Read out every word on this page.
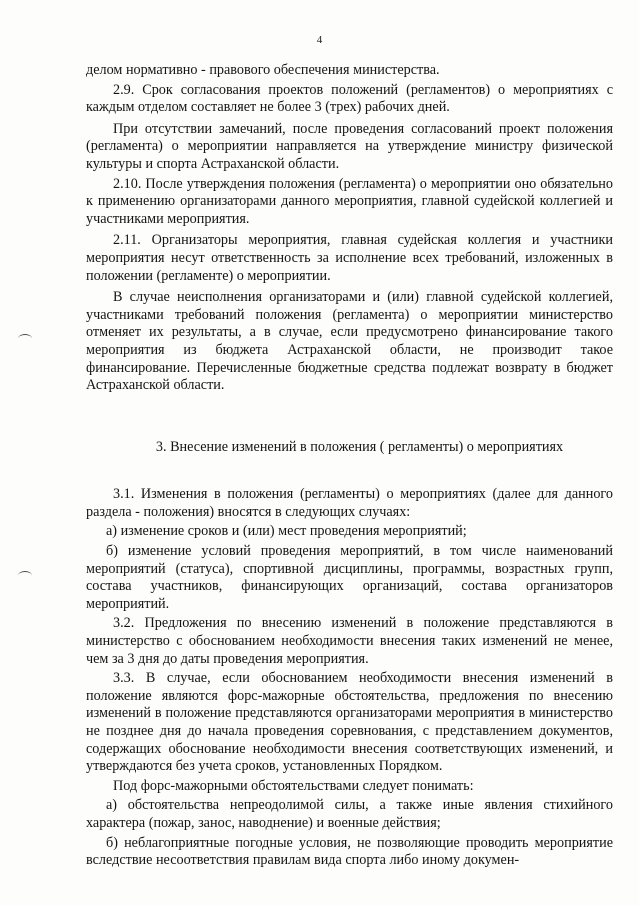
4

делом нормативно - правового обеспечения министерства.

2.9. Срок согласования проектов положений (регламентов) о мероприятиях с каждым отделом составляет не более 3 (трех) рабочих дней.

При отсутствии замечаний, после проведения согласований проект положения (регламента) о мероприятии направляется на утверждение министру физической культуры и спорта Астраханской области.

2.10. После утверждения положения (регламента) о мероприятии оно обязательно к применению организаторами данного мероприятия, главной судейской коллегией и участниками мероприятия.

2.11. Организаторы мероприятия, главная судейская коллегия и участники мероприятия несут ответственность за исполнение всех требований, изложенных в положении (регламенте) о мероприятии.

В случае неисполнения организаторами и (или) главной судейской коллегией, участниками требований положения (регламента) о мероприятии министерство отменяет их результаты, а в случае, если предусмотрено финансирование такого мероприятия из бюджета Астраханской области, не производит такое финансирование. Перечисленные бюджетные средства подлежат возврату в бюджет Астраханской области.

3. Внесение изменений в положения ( регламенты) о мероприятиях

3.1. Изменения в положения (регламенты) о мероприятиях (далее для данного раздела - положения) вносятся в следующих случаях:

а) изменение сроков и (или) мест проведения мероприятий;

б) изменение условий проведения мероприятий, в том числе наименований мероприятий (статуса), спортивной дисциплины, программы, возрастных групп, состава участников, финансирующих организаций, состава организаторов мероприятий.

3.2. Предложения по внесению изменений в положение представляются в министерство с обоснованием необходимости внесения таких изменений не менее, чем за 3 дня до даты проведения мероприятия.

3.3. В случае, если обоснованием необходимости внесения изменений в положение являются форс-мажорные обстоятельства, предложения по внесению изменений в положение представляются организаторами мероприятия в министерство не позднее дня до начала проведения соревнования, с представлением документов, содержащих обоснование необходимости внесения соответствующих изменений, и утверждаются без учета сроков, установленных Порядком.

Под форс-мажорными обстоятельствами следует понимать:

а) обстоятельства непреодолимой силы, а также иные явления стихийного характера (пожар, занос, наводнение) и военные действия;

б) неблагоприятные погодные условия, не позволяющие проводить мероприятие вследствие несоответствия правилам вида спорта либо иному докумен-
